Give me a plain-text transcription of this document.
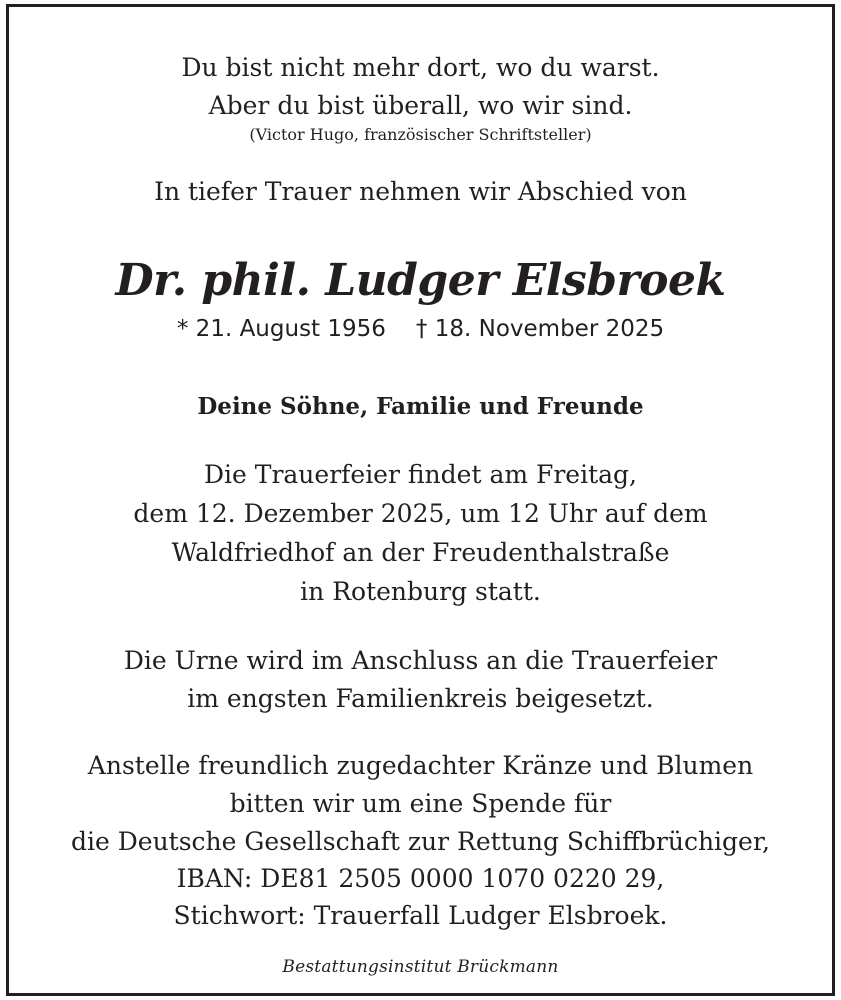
Du bist nicht mehr dort, wo du warst.
Aber du bist überall, wo wir sind.
(Victor Hugo, französischer Schriftsteller)
In tiefer Trauer nehmen wir Abschied von
Dr. phil. Ludger Elsbroek
* 21. August 1956 † 18. November 2025
Deine Söhne, Familie und Freunde
Die Trauerfeier findet am Freitag,
dem 12. Dezember 2025, um 12 Uhr auf dem
Waldfriedhof an der Freudenthalstraße
in Rotenburg statt.
Die Urne wird im Anschluss an die Trauerfeier
im engsten Familienkreis beigesetzt.
Anstelle freundlich zugedachter Kränze und Blumen
bitten wir um eine Spende für
die Deutsche Gesellschaft zur Rettung Schiffbrüchiger,
IBAN: DE81 2505 0000 1070 0220 29,
Stichwort: Trauerfall Ludger Elsbroek.
Bestattungsinstitut Brückmann
